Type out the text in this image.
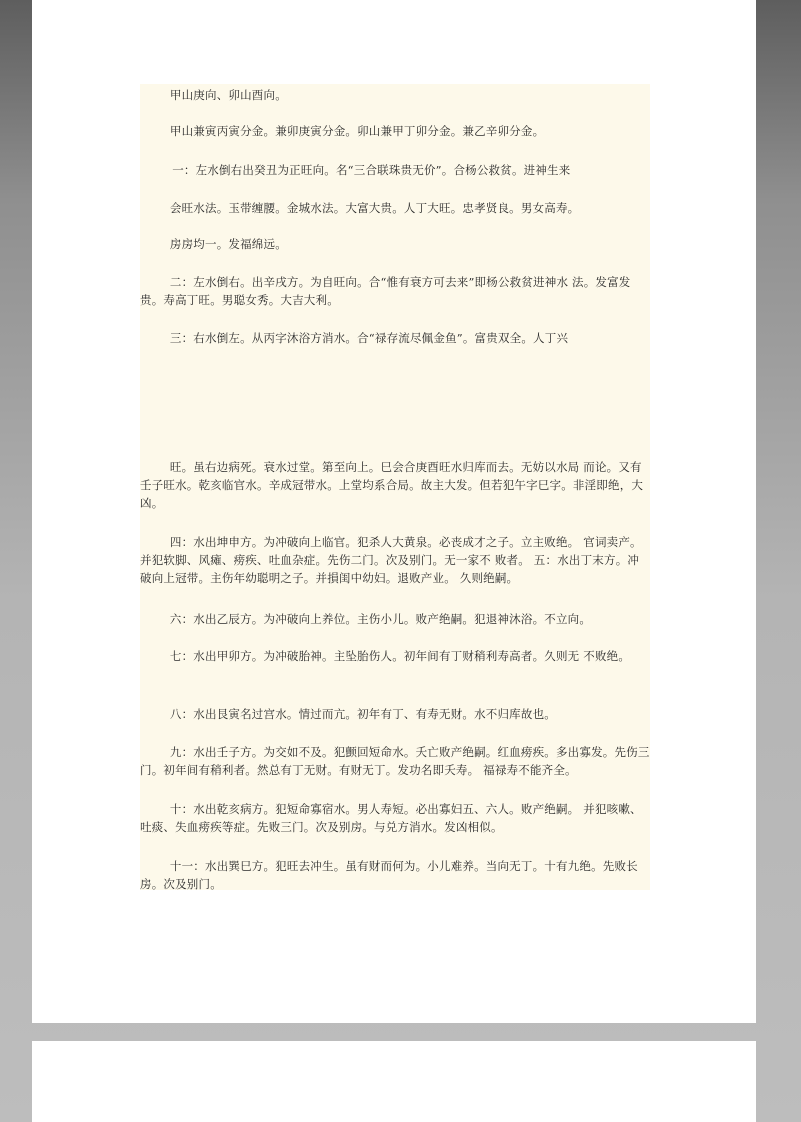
甲山庚向、卯山酉向。

甲山兼寅丙寅分金。兼卯庚寅分金。卯山兼甲丁卯分金。兼乙辛卯分金。

一：左水倒右出癸丑为正旺向。名“三合联珠贵无价”。合杨公救贫。进神生来

会旺水法。玉带缠腰。金城水法。大富大贵。人丁大旺。忠孝贤良。男女高寿。

房房均一。发福绵远。

二：左水倒右。出辛戌方。为自旺向。合“惟有衰方可去来”即杨公救贫进神水 法。发富发贵。寿高丁旺。男聪女秀。大吉大利。

三：右水倒左。从丙字沐浴方消水。合“禄存流尽佩金鱼”。富贵双全。人丁兴

旺。虽右边病死。衰水过堂。第至向上。巳会合庚酉旺水归库而去。无妨以水局 而论。又有壬子旺水。乾亥临官水。辛成冠带水。上堂均系合局。故主大发。但若犯午字巳字。非淫即绝，大凶。

四：水出坤申方。为冲破向上临官。犯杀人大黄泉。必丧成才之子。立主败绝。 官词卖产。并犯软脚、风瘫、痨疾、吐血杂症。先伤二门。次及别门。无一家不 败者。 五：水出丁末方。冲破向上冠带。主伤年幼聪明之子。并損闺中幼妇。退败产业。 久则绝嗣。

六：水出乙辰方。为冲破向上养位。主伤小儿。败产绝嗣。犯退神沐浴。不立向。

七：水出甲卯方。为冲破胎神。主坠胎伤人。初年间有丁财稍利寿高者。久则无 不败绝。

八：水出艮寅名过宫水。情过而亢。初年有丁、有寿无财。水不归库故也。

九：水出壬子方。为交如不及。犯颤回短命水。夭亡败产绝嗣。红血痨疾。多出寡发。先伤三门。初年间有稍利者。然总有丁无财。有财无丁。发功名即夭寿。 福禄寿不能齐全。

十：水出乾亥病方。犯短命寡宿水。男人寿短。必出寡妇五、六人。败产绝嗣。 并犯咳嗽、吐痰、失血痨疾等症。先败三门。次及别房。与兑方消水。发凶相似。

十一：水出巽巳方。犯旺去冲生。虽有财而何为。小儿难养。当向无丁。十有九绝。先败长房。次及别门。
